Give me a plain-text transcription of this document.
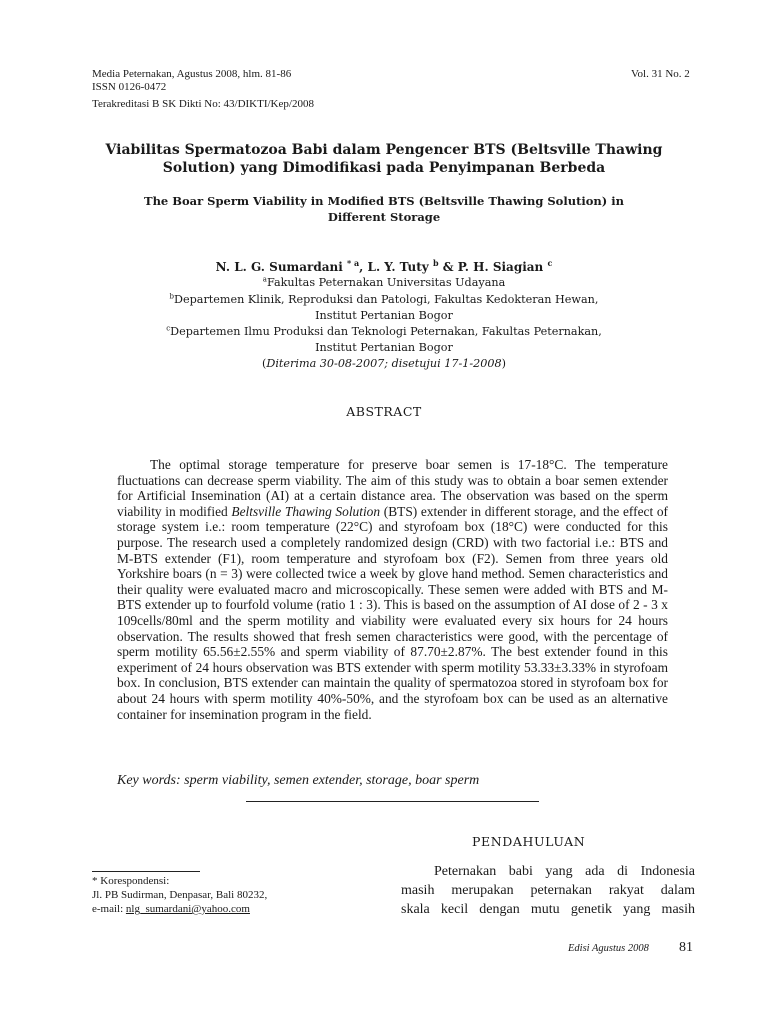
Media Peternakan, Agustus 2008, hlm. 81-86
ISSN 0126-0472
Terakreditasi B SK Dikti No: 43/DIKTI/Kep/2008
Vol. 31 No. 2
Viabilitas Spermatozoa Babi dalam Pengencer BTS (Beltsville Thawing
Solution) yang Dimodifikasi pada Penyimpanan Berbeda
The Boar Sperm Viability in Modified BTS (Beltsville Thawing Solution) in
Different Storage
N. L. G. Sumardani $^{* a}$, L. Y. Tuty $^b$ & P. H. Siagian $^c$
$^a$Fakultas Peternakan Universitas Udayana
$^b$Departemen Klinik, Reproduksi dan Patologi, Fakultas Kedokteran Hewan,
Institut Pertanian Bogor
$^c$Departemen Ilmu Produksi dan Teknologi Peternakan, Fakultas Peternakan,
Institut Pertanian Bogor
(Diterima 30-08-2007; disetujui 17-1-2008)
ABSTRACT

The optimal storage temperature for preserve boar semen is 17-18°C. The temperature fluctuations can decrease sperm viability. The aim of this study was to obtain a boar semen extender for Artificial Insemination (AI) at a certain distance area. The observation was based on the sperm viability in modified Beltsville Thawing Solution (BTS) extender in different storage, and the effect of storage system i.e.: room temperature (22°C) and styrofoam box (18°C) were conducted for this purpose. The research used a completely randomized design (CRD) with two factorial i.e.: BTS and M-BTS extender (F1), room temperature and styrofoam box (F2). Semen from three years old Yorkshire boars (n = 3) were collected twice a week by glove hand method. Semen characteristics and their quality were evaluated macro and microscopically. These semen were added with BTS and M-BTS extender up to fourfold volume (ratio 1 : 3). This is based on the assumption of AI dose of 2 - 3 x 109cells/80ml and the sperm motility and viability were evaluated every six hours for 24 hours observation. The results showed that fresh semen characteristics were good, with the percentage of sperm motility 65.56±2.55% and sperm viability of 87.70±2.87%. The best extender found in this experiment of 24 hours observation was BTS extender with sperm motility 53.33±3.33% in styrofoam box. In conclusion, BTS extender can maintain the quality of spermatozoa stored in styrofoam box for about 24 hours with sperm motility 40%-50%, and the styrofoam box can be used as an alternative container for insemination program in the field.

Key words: sperm viability, semen extender, storage, boar sperm
PENDAHULUAN
Peternakan babi yang ada di Indonesia
masih merupakan peternakan rakyat dalam
skala kecil dengan mutu genetik yang masih
* Korespondensi:
Jl. PB Sudirman, Denpasar, Bali 80232,
e-mail: nlg_sumardani@yahoo.com
Edisi Agustus 2008 81
